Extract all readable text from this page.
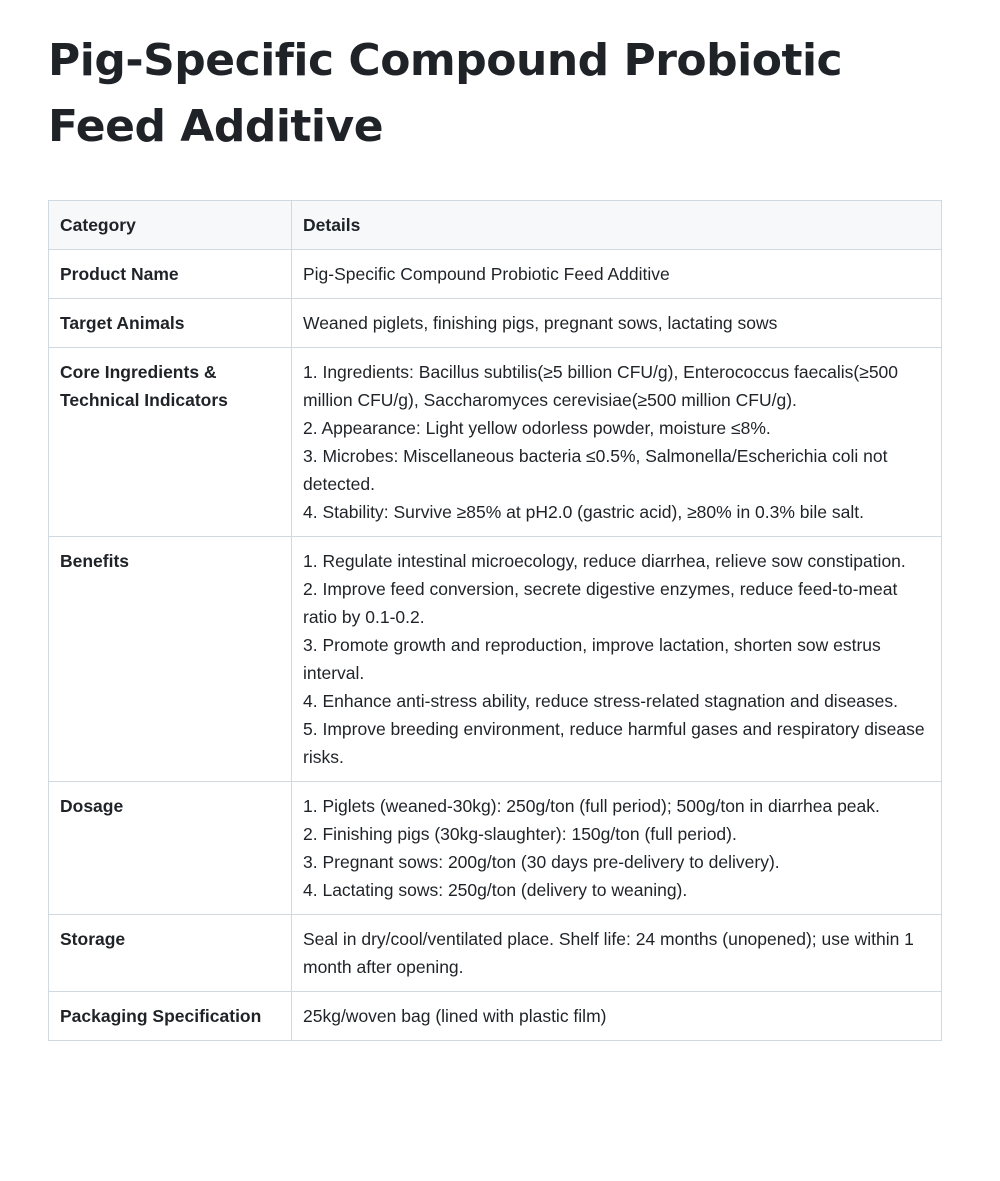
Pig-Specific Compound Probiotic Feed Additive
Category	Details
Product Name	Pig-Specific Compound Probiotic Feed Additive

Target Animals	Weaned piglets, finishing pigs, pregnant sows, lactating sows

Core Ingredients & Technical Indicators	1. Ingredients: Bacillus subtilis(≥5 billion CFU/g), Enterococcus faecalis(≥500 million CFU/g), Saccharomyces cerevisiae(≥500 million CFU/g).
2. Appearance: Light yellow odorless powder, moisture ≤8%.
3. Microbes: Miscellaneous bacteria ≤0.5%, Salmonella/Escherichia coli not detected.
4. Stability: Survive ≥85% at pH2.0 (gastric acid), ≥80% in 0.3% bile salt.

Benefits	1. Regulate intestinal microecology, reduce diarrhea, relieve sow constipation.
2. Improve feed conversion, secrete digestive enzymes, reduce feed-to-meat ratio by 0.1-0.2.
3. Promote growth and reproduction, improve lactation, shorten sow estrus interval.
4. Enhance anti-stress ability, reduce stress-related stagnation and diseases.
5. Improve breeding environment, reduce harmful gases and respiratory disease risks.

Dosage	1. Piglets (weaned-30kg): 250g/ton (full period); 500g/ton in diarrhea peak.
2. Finishing pigs (30kg-slaughter): 150g/ton (full period).
3. Pregnant sows: 200g/ton (30 days pre-delivery to delivery).
4. Lactating sows: 250g/ton (delivery to weaning).

Storage	Seal in dry/cool/ventilated place. Shelf life: 24 months (unopened); use within 1 month after opening.

Packaging Specification	25kg/woven bag (lined with plastic film)
